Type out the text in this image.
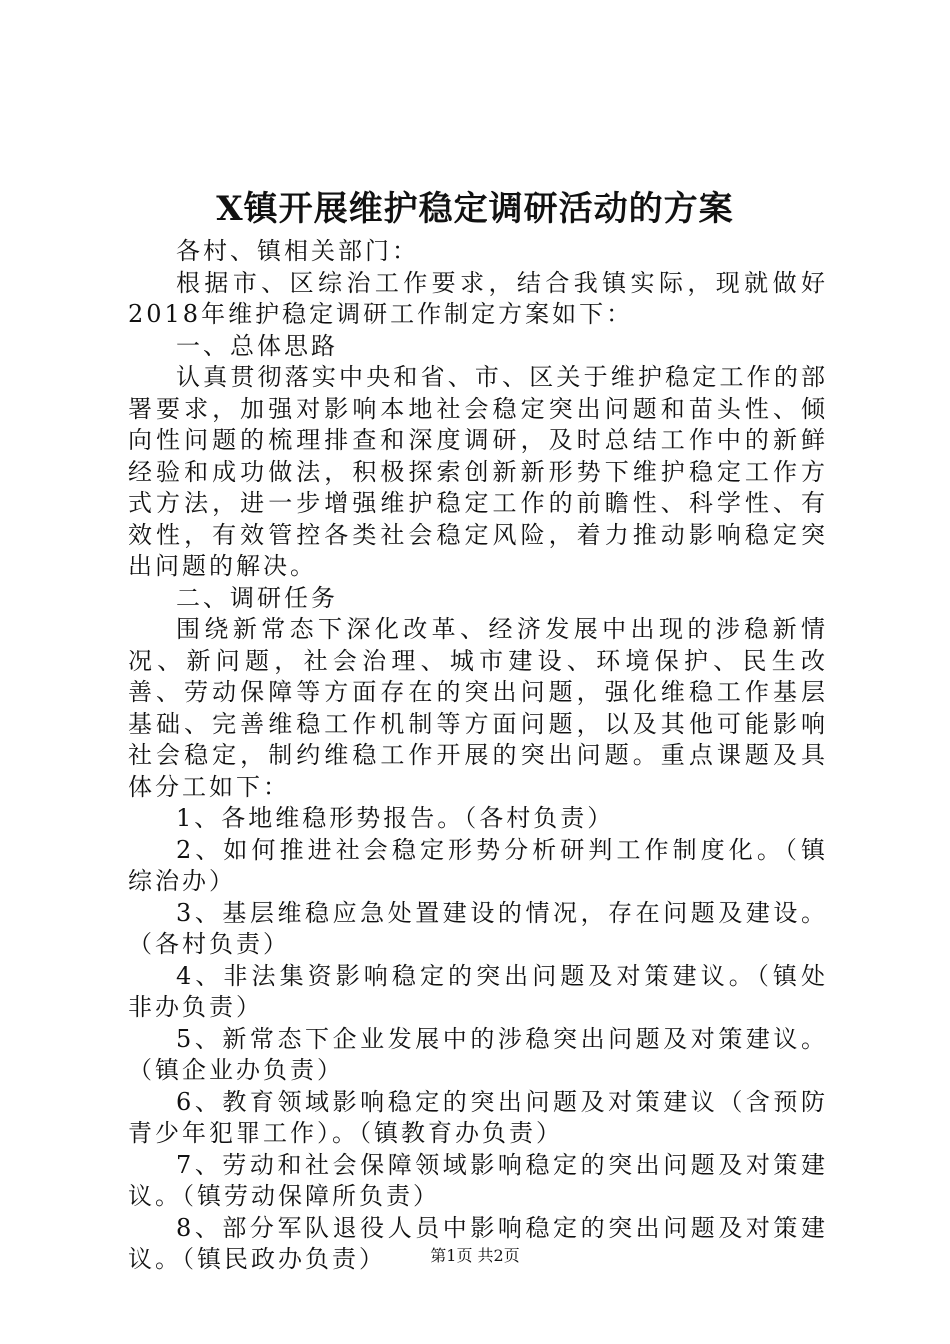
X镇开展维护稳定调研活动的方案

各村、镇相关部门：

根据市、区综治工作要求，结合我镇实际，现就做好2018年维护稳定调研工作制定方案如下：

一、总体思路

认真贯彻落实中央和省、市、区关于维护稳定工作的部署要求，加强对影响本地社会稳定突出问题和苗头性、倾向性问题的梳理排查和深度调研，及时总结工作中的新鲜经验和成功做法，积极探索创新新形势下维护稳定工作方式方法，进一步增强维护稳定工作的前瞻性、科学性、有效性，有效管控各类社会稳定风险，着力推动影响稳定突出问题的解决。

二、调研任务

围绕新常态下深化改革、经济发展中出现的涉稳新情况、新问题，社会治理、城市建设、环境保护、民生改善、劳动保障等方面存在的突出问题，强化维稳工作基层基础、完善维稳工作机制等方面问题，以及其他可能影响社会稳定，制约维稳工作开展的突出问题。重点课题及具体分工如下：

1、各地维稳形势报告。（各村负责）

2、如何推进社会稳定形势分析研判工作制度化。（镇综治办）

3、基层维稳应急处置建设的情况，存在问题及建设。（各村负责）

4、非法集资影响稳定的突出问题及对策建议。（镇处非办负责）

5、新常态下企业发展中的涉稳突出问题及对策建议。（镇企业办负责）

6、教育领域影响稳定的突出问题及对策建议（含预防青少年犯罪工作）。（镇教育办负责）

7、劳动和社会保障领域影响稳定的突出问题及对策建议。（镇劳动保障所负责）

8、部分军队退役人员中影响稳定的突出问题及对策建议。（镇民政办负责）	第1页 共2页
